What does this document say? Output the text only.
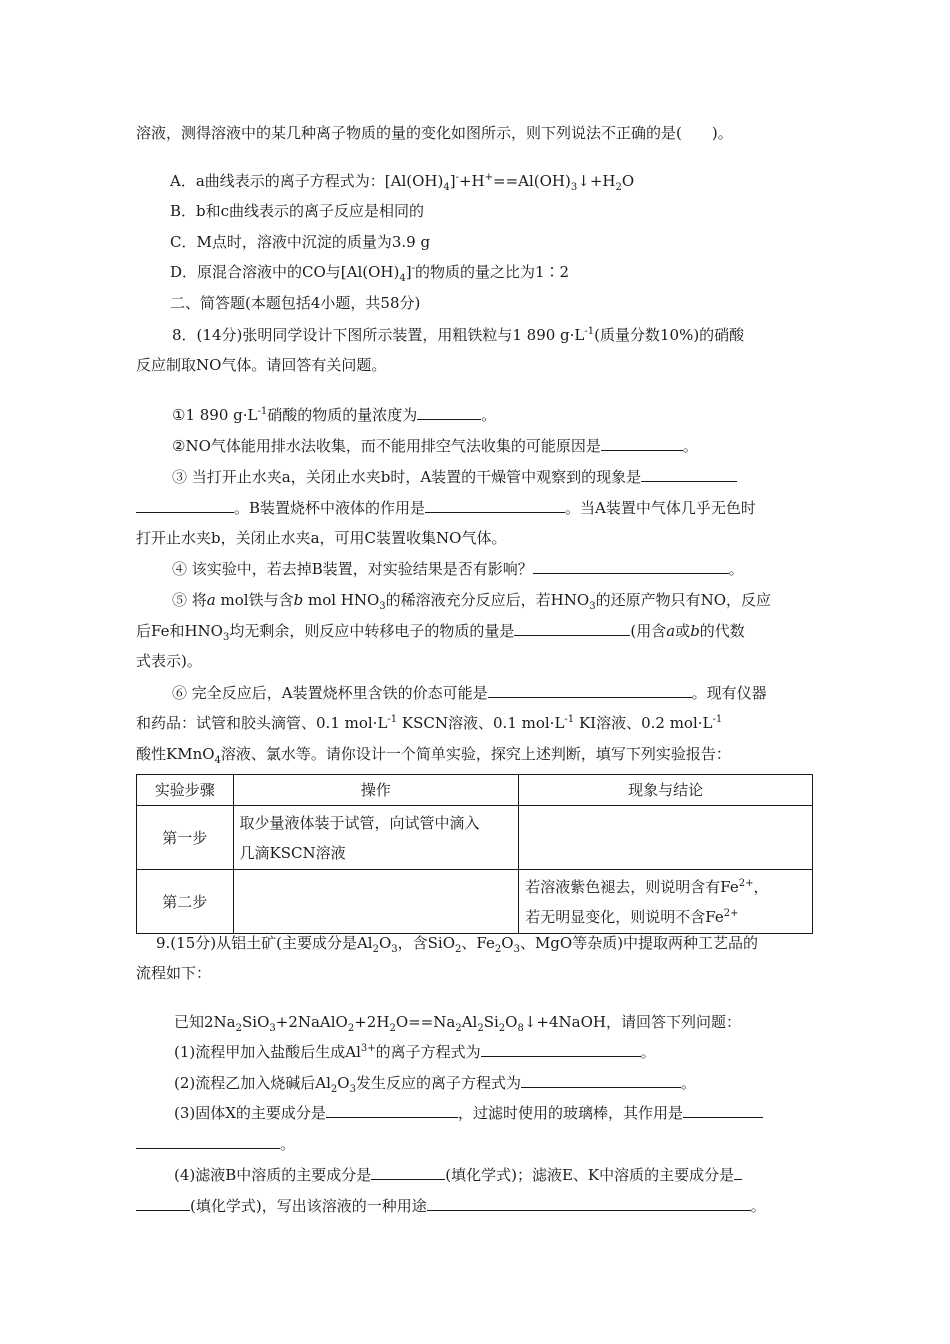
溶液，测得溶液中的某几种离子物质的量的变化如图所示，则下列说法不正确的是(　　)。
A．a曲线表示的离子方程式为：$[Al(OH)_4]^-+H^+==Al(OH)_3↓+H_2O$
B．b和c曲线表示的离子反应是相同的
C．M点时，溶液中沉淀的质量为3.9 g
D．原混合溶液中的CO与$[Al(OH)_4]^-$的物质的量之比为1∶2
二、简答题(本题包括4小题，共58分)
8．(14分)张明同学设计下图所示装置，用粗铁粒与1 890 $g\cdot L^{-1}$(质量分数10%)的硝酸
反应制取NO气体。请回答有关问题。
①1 890 $g\cdot L^{-1}$硝酸的物质的量浓度为	。
②NO气体能用排水法收集，而不能用排空气法收集的可能原因是	。
③ 当打开止水夹a，关闭止水夹b时，A装置的干燥管中观察到的现象是
。B装置烧杯中液体的作用是	。当A装置中气体几乎无色时
打开止水夹b，关闭止水夹a，可用C装置收集NO气体。
④ 该实验中，若去掉B装置，对实验结果是否有影响？	。
⑤ 将a mol铁与含b mol $HNO_3$的稀溶液充分反应后，若$HNO_3$的还原产物只有NO，反应
后Fe和$HNO_3$均无剩余，则反应中转移电子的物质的量是	(用含a或b的代数
式表示)。
⑥ 完全反应后，A装置烧杯里含铁的价态可能是	。现有仪器
和药品：试管和胶头滴管、0.1 $mol\cdot L^{-1}$ KSCN溶液、0.1 $mol\cdot L^{-1}$ KI溶液、0.2 $mol\cdot L^{-1}$
酸性KMnO$_4$溶液、氯水等。请你设计一个简单实验，探究上述判断，填写下列实验报告：
实验步骤	操作	现象与结论
第一步	取少量液体装于试管，向试管中滴入
几滴KSCN溶液	

第二步		若溶液紫色褪去，则说明含有$Fe^{2+}$，
若无明显变化，则说明不含$Fe^{2+}$
9.(15分)从铝土矿(主要成分是$Al_2O_3$，含SiO$_2$、$Fe_2O_3$、MgO等杂质)中提取两种工艺品的
流程如下：
已知$2Na_2SiO_3+2NaAlO_2+2H_2O==Na_2Al_2Si_2O_8↓+4NaOH$，请回答下列问题：
(1)流程甲加入盐酸后生成$Al^{3+}$的离子方程式为	。
(2)流程乙加入烧碱后$Al_2O_3$发生反应的离子方程式为	。
(3)固体X的主要成分是	，过滤时使用的玻璃棒，其作用是
。
(4)滤液B中溶质的主要成分是	(填化学式)；滤液E、K中溶质的主要成分是
(填化学式)，写出该溶液的一种用途	。
